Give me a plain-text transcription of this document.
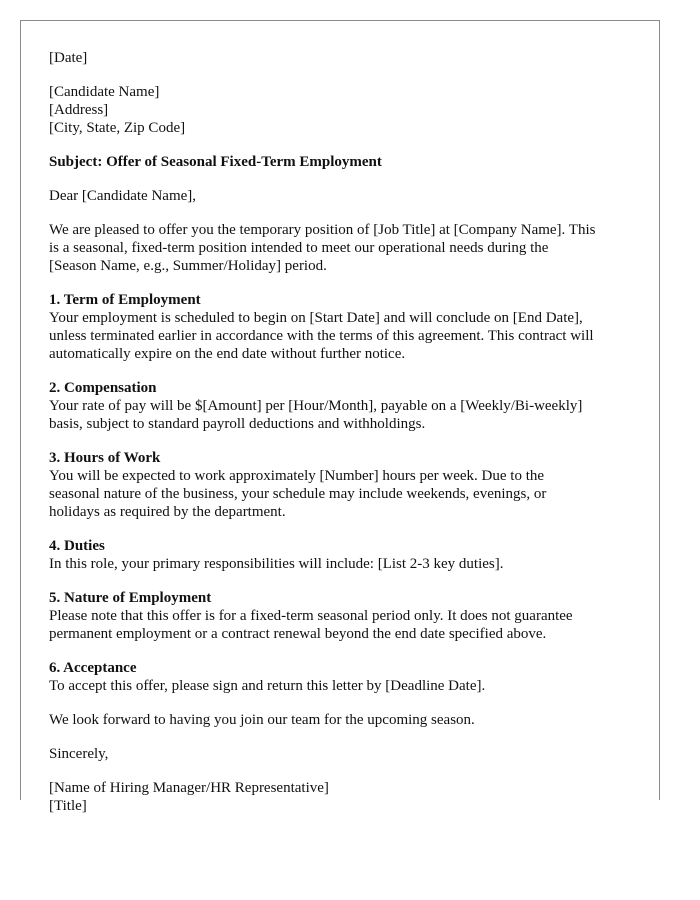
[Date]
[Candidate Name]
[Address]
[City, State, Zip Code]
Subject: Offer of Seasonal Fixed-Term Employment
Dear [Candidate Name],
We are pleased to offer you the temporary position of [Job Title] at [Company Name]. This
is a seasonal, fixed-term position intended to meet our operational needs during the
[Season Name, e.g., Summer/Holiday] period.
1. Term of Employment
Your employment is scheduled to begin on [Start Date] and will conclude on [End Date],
unless terminated earlier in accordance with the terms of this agreement. This contract will
automatically expire on the end date without further notice.
2. Compensation
Your rate of pay will be $[Amount] per [Hour/Month], payable on a [Weekly/Bi-weekly]
basis, subject to standard payroll deductions and withholdings.
3. Hours of Work
You will be expected to work approximately [Number] hours per week. Due to the
seasonal nature of the business, your schedule may include weekends, evenings, or
holidays as required by the department.
4. Duties
In this role, your primary responsibilities will include: [List 2-3 key duties].
5. Nature of Employment
Please note that this offer is for a fixed-term seasonal period only. It does not guarantee
permanent employment or a contract renewal beyond the end date specified above.
6. Acceptance
To accept this offer, please sign and return this letter by [Deadline Date].
We look forward to having you join our team for the upcoming season.
Sincerely,
[Name of Hiring Manager/HR Representative]
[Title]
